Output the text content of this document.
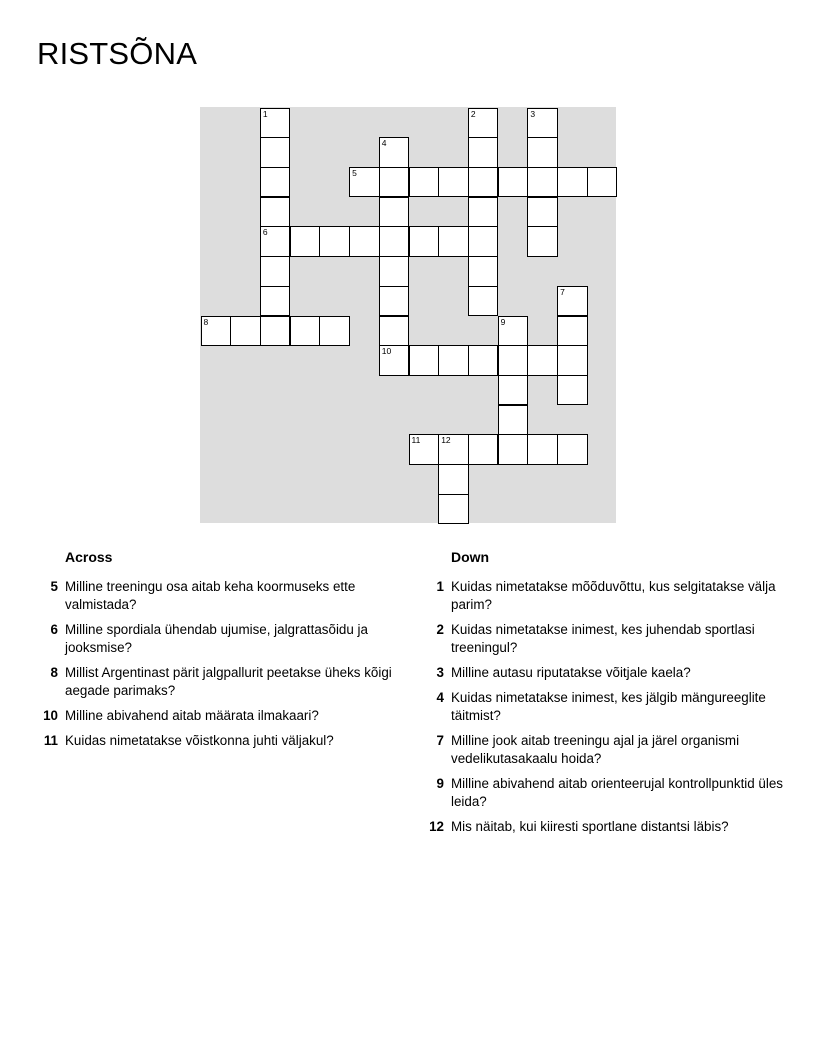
RISTSÕNA
1	2	3
4
5
6
7
8	9
10
11 12
Across
5 Milline treeningu osa aitab keha koormuseks ette valmistada?
6 Milline spordiala ühendab ujumise, jalgrattasõidu ja jooksmise?
8 Millist Argentinast pärit jalgpallurit peetakse üheks kõigi aegade parimaks?
10 Milline abivahend aitab määrata ilmakaari?
11 Kuidas nimetatakse võistkonna juhti väljakul?
Down
1 Kuidas nimetatakse mõõduvõttu, kus selgitatakse välja parim?
2 Kuidas nimetatakse inimest, kes juhendab sportlasi treeningul?
3 Milline autasu riputatakse võitjale kaela?
4 Kuidas nimetatakse inimest, kes jälgib mängureeglite täitmist?
7 Milline jook aitab treeningu ajal ja järel organismi vedelikutasakaalu hoida?
9 Milline abivahend aitab orienteerujal kontrollpunktid üles leida?
12 Mis näitab, kui kiiresti sportlane distantsi läbis?
